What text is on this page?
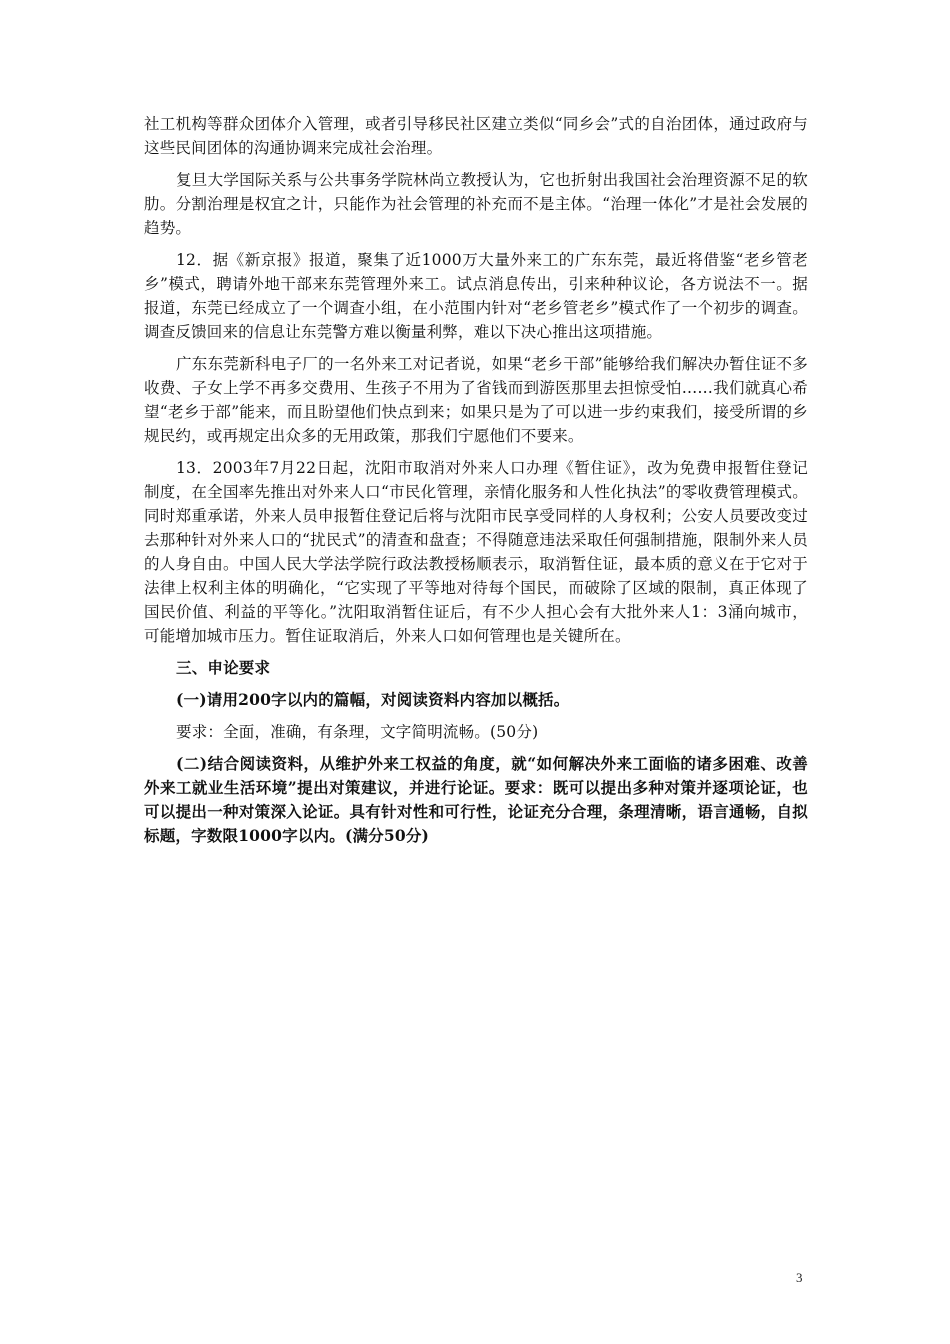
社工机构等群众团体介入管理，或者引导移民社区建立类似“同乡会”式的自治团体，通过政府与这些民间团体的沟通协调来完成社会治理。

复旦大学国际关系与公共事务学院林尚立教授认为，它也折射出我国社会治理资源不足的软肋。分割治理是权宜之计，只能作为社会管理的补充而不是主体。“治理一体化”才是社会发展的趋势。

12．据《新京报》报道，聚集了近1000万大量外来工的广东东莞，最近将借鉴“老乡管老乡”模式，聘请外地干部来东莞管理外来工。试点消息传出，引来种种议论，各方说法不一。据报道，东莞已经成立了一个调查小组，在小范围内针对“老乡管老乡”模式作了一个初步的调查。调查反馈回来的信息让东莞警方难以衡量利弊，难以下决心推出这项措施。

广东东莞新科电子厂的一名外来工对记者说，如果“老乡干部”能够给我们解决办暂住证不多收费、子女上学不再多交费用、生孩子不用为了省钱而到游医那里去担惊受怕……我们就真心希望“老乡于部”能来，而且盼望他们快点到来；如果只是为了可以进一步约束我们，接受所谓的乡规民约，或再规定出众多的无用政策，那我们宁愿他们不要来。

13．2003年7月22日起，沈阳市取消对外来人口办理《暂住证》，改为免费申报暂住登记制度，在全国率先推出对外来人口“市民化管理，亲情化服务和人性化执法”的零收费管理模式。同时郑重承诺，外来人员申报暂住登记后将与沈阳市民享受同样的人身权利；公安人员要改变过去那种针对外来人口的“扰民式”的清查和盘查；不得随意违法采取任何强制措施，限制外来人员的人身自由。中国人民大学法学院行政法教授杨顺表示，取消暂住证，最本质的意义在于它对于法律上权利主体的明确化，“它实现了平等地对待每个国民，而破除了区域的限制，真正体现了国民价值、利益的平等化。”沈阳取消暂住证后，有不少人担心会有大批外来人1：3涌向城市，可能增加城市压力。暂住证取消后，外来人口如何管理也是关键所在。

三、申论要求

(一)请用200字以内的篇幅，对阅读资料内容加以概括。

要求：全面，准确，有条理，文字简明流畅。(50分)

(二)结合阅读资料，从维护外来工权益的角度，就“如何解决外来工面临的诸多困难、改善外来工就业生活环境”提出对策建议，并进行论证。要求：既可以提出多种对策并逐项论证，也可以提出一种对策深入论证。具有针对性和可行性，论证充分合理，条理清晰，语言通畅，自拟标题，字数限1000字以内。(满分50分)

3
